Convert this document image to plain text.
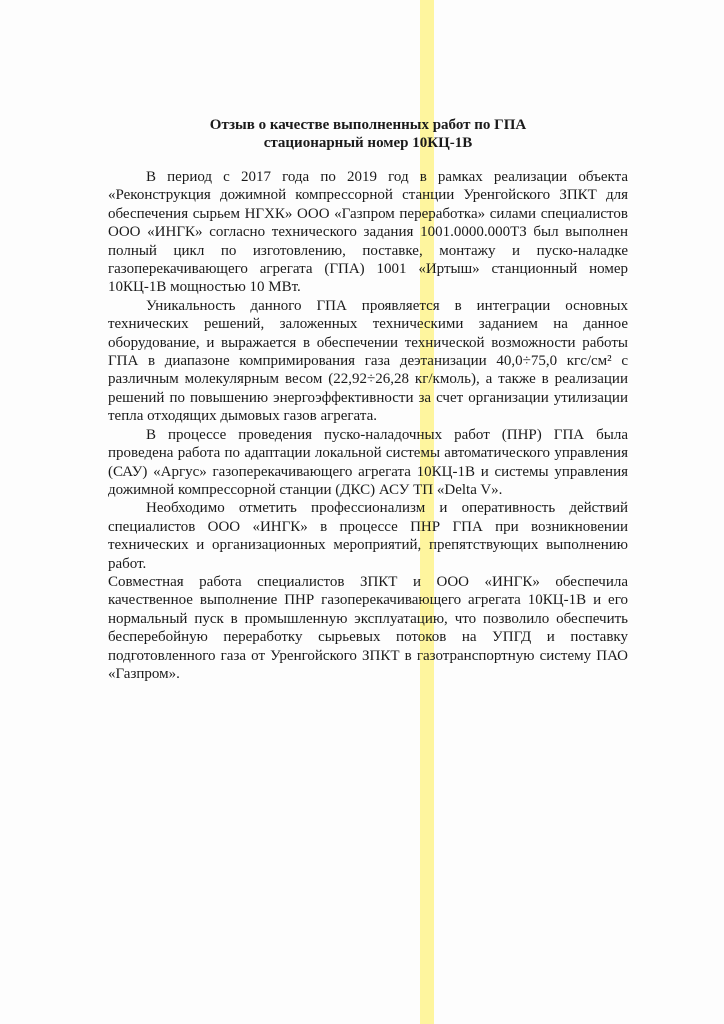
Отзыв о качестве выполненных работ по ГПА
стационарный номер 10КЦ-1В

В период с 2017 года по 2019 год в рамках реализации объекта «Реконструкция дожимной компрессорной станции Уренгойского ЗПКТ для обеспечения сырьем НГХК» ООО «Газпром переработка» силами специалистов ООО «ИНГК» согласно технического задания 1001.0000.000ТЗ был выполнен полный цикл по изготовлению, поставке, монтажу и пуско-наладке газоперекачивающего агрегата (ГПА) 1001 «Иртыш» станционный номер 10КЦ-1В мощностью 10 МВт.

Уникальность данного ГПА проявляется в интеграции основных технических решений, заложенных техническими заданием на данное оборудование, и выражается в обеспечении технической возможности работы ГПА в диапазоне компримирования газа деэтанизации 40,0÷75,0 кгс/см² с различным молекулярным весом (22,92÷26,28 кг/кмоль), а также в реализации решений по повышению энергоэффективности за счет организации утилизации тепла отходящих дымовых газов агрегата.

В процессе проведения пуско-наладочных работ (ПНР) ГПА была проведена работа по адаптации локальной системы автоматического управления (САУ) «Аргус» газоперекачивающего агрегата 10КЦ-1В и системы управления дожимной компрессорной станции (ДКС) АСУ ТП «Delta V».

Необходимо отметить профессионализм и оперативность действий специалистов ООО «ИНГК» в процессе ПНР ГПА при возникновении технических и организационных мероприятий, препятствующих выполнению работ.

Совместная работа специалистов ЗПКТ и ООО «ИНГК» обеспечила качественное выполнение ПНР газоперекачивающего агрегата 10КЦ-1В и его нормальный пуск в промышленную эксплуатацию, что позволило обеспечить бесперебойную переработку сырьевых потоков на УПГД и поставку подготовленного газа от Уренгойского ЗПКТ в газотранспортную систему ПАО «Газпром».
